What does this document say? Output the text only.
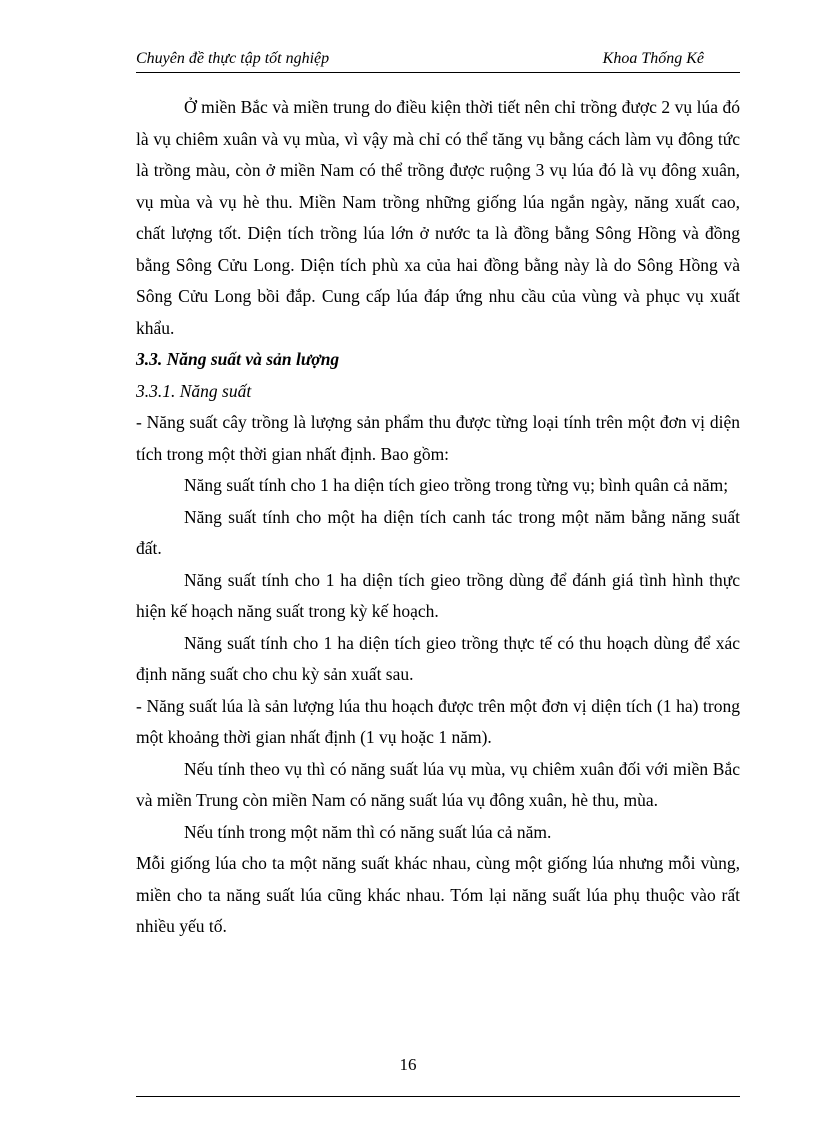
Chuyên đề thực tập tốt nghiệp	Khoa Thống Kê

Ở miền Bắc và miền trung do điều kiện thời tiết nên chỉ trồng được 2 vụ lúa đó là vụ chiêm xuân và vụ mùa, vì vậy mà chỉ có thể tăng vụ bằng cách làm vụ đông tức là trồng màu, còn ở miền Nam có thể trồng được ruộng 3 vụ lúa đó là vụ đông xuân, vụ mùa và vụ hè thu. Miền Nam trồng những giống lúa ngắn ngày, năng xuất cao, chất lượng tốt. Diện tích trồng lúa lớn ở nước ta là đồng bằng Sông Hồng và đồng bằng Sông Cửu Long. Diện tích phù xa của hai đồng bằng này là do Sông Hồng và Sông Cửu Long bồi đắp. Cung cấp lúa đáp ứng nhu cầu của vùng và phục vụ xuất khẩu.

3.3. Năng suất và sản lượng

3.3.1. Năng suất

- Năng suất cây trồng là lượng sản phẩm thu được từng loại tính trên một đơn vị diện tích trong một thời gian nhất định. Bao gồm:

Năng suất tính cho 1 ha diện tích gieo trồng trong từng vụ; bình quân cả năm;

Năng suất tính cho một ha diện tích canh tác trong một năm bằng năng suất đất.

Năng suất tính cho 1 ha diện tích gieo trồng dùng để đánh giá tình hình thực hiện kế hoạch năng suất trong kỳ kế hoạch.

Năng suất tính cho 1 ha diện tích gieo trồng thực tế có thu hoạch dùng để xác định năng suất cho chu kỳ sản xuất sau.

- Năng suất lúa là sản lượng lúa thu hoạch được trên một đơn vị diện tích (1 ha) trong một khoảng thời gian nhất định (1 vụ hoặc 1 năm).

Nếu tính theo vụ thì có năng suất lúa vụ mùa, vụ chiêm xuân đối với miền Bắc và miền Trung còn miền Nam có năng suất lúa vụ đông xuân, hè thu, mùa.

Nếu tính trong một năm thì có năng suất lúa cả năm.

Mỗi giống lúa cho ta một năng suất khác nhau, cùng một giống lúa nhưng mỗi vùng, miền cho ta năng suất lúa cũng khác nhau. Tóm lại năng suất lúa phụ thuộc vào rất nhiều yếu tố.

16
